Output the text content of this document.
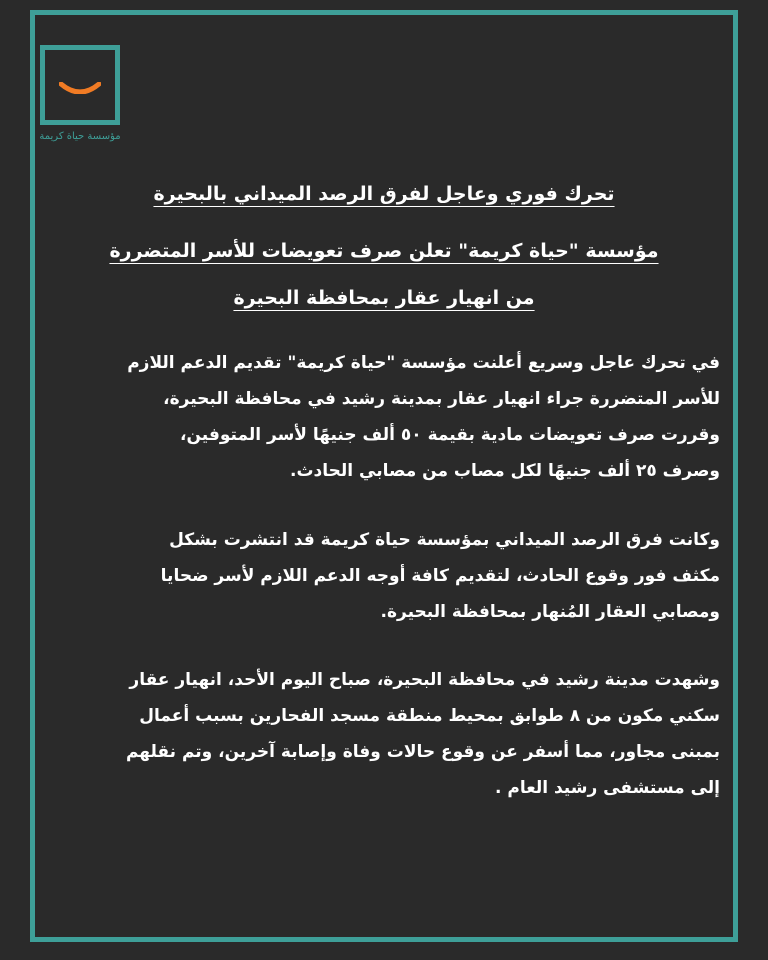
مؤسسة حياة كريمة
تحرك فوري وعاجل لفرق الرصد الميداني بالبحيرة
مؤسسة "حياة كريمة" تعلن صرف تعويضات للأسر المتضررة
من انهيار عقار بمحافظة البحيرة

في تحرك عاجل وسريع أعلنت مؤسسة "حياة كريمة" تقديم الدعم اللازم

للأسر المتضررة جراء انهيار عقار بمدينة رشيد في محافظة البحيرة،

وقررت صرف تعويضات مادية بقيمة ٥٠ ألف جنيهًا لأسر المتوفين،

وصرف ٢٥ ألف جنيهًا لكل مصاب من مصابي الحادث.

وكانت فرق الرصد الميداني بمؤسسة حياة كريمة قد انتشرت بشكل

مكثف فور وقوع الحادث، لتقديم كافة أوجه الدعم اللازم لأسر ضحايا

ومصابي العقار المُنهار بمحافظة البحيرة.

وشهدت مدينة رشيد في محافظة البحيرة، صباح اليوم الأحد، انهيار عقار

سكني مكون من ٨ طوابق بمحيط منطقة مسجد الفحارين بسبب أعمال

بمبنى مجاور، مما أسفر عن وقوع حالات وفاة وإصابة آخرين، وتم نقلهم

إلى مستشفى رشيد العام .
